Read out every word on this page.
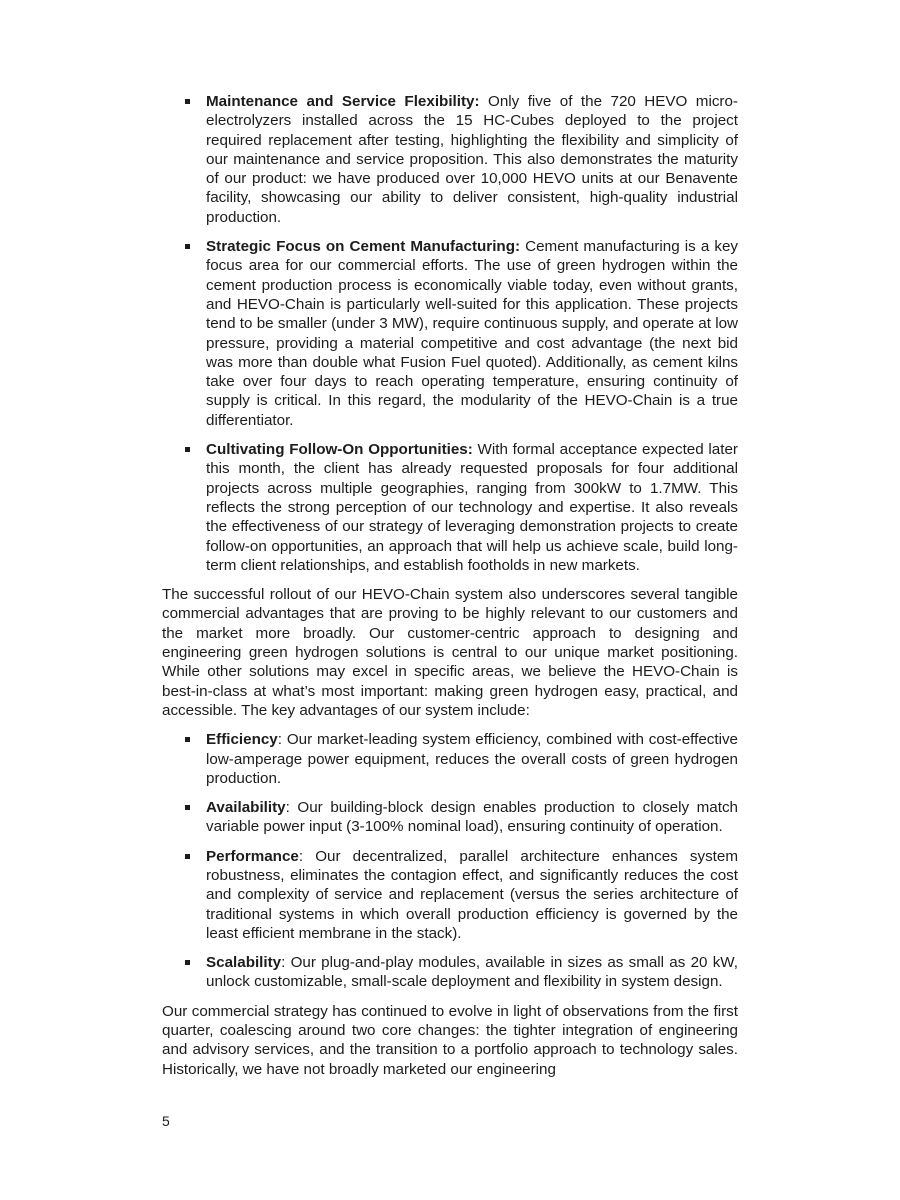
Maintenance and Service Flexibility: Only five of the 720 HEVO micro-electrolyzers installed across the 15 HC-Cubes deployed to the project required replacement after testing, highlighting the flexibility and simplicity of our maintenance and service proposition. This also demonstrates the maturity of our product: we have produced over 10,000 HEVO units at our Benavente facility, showcasing our ability to deliver consistent, high-quality industrial production.
Strategic Focus on Cement Manufacturing: Cement manufacturing is a key focus area for our commercial efforts. The use of green hydrogen within the cement production process is economically viable today, even without grants, and HEVO-Chain is particularly well-suited for this application. These projects tend to be smaller (under 3 MW), require continuous supply, and operate at low pressure, providing a material competitive and cost advantage (the next bid was more than double what Fusion Fuel quoted). Additionally, as cement kilns take over four days to reach operating temperature, ensuring continuity of supply is critical. In this regard, the modularity of the HEVO-Chain is a true differentiator.
Cultivating Follow-On Opportunities: With formal acceptance expected later this month, the client has already requested proposals for four additional projects across multiple geographies, ranging from 300kW to 1.7MW. This reflects the strong perception of our technology and expertise. It also reveals the effectiveness of our strategy of leveraging demonstration projects to create follow-on opportunities, an approach that will help us achieve scale, build long-term client relationships, and establish footholds in new markets.

The successful rollout of our HEVO-Chain system also underscores several tangible commercial advantages that are proving to be highly relevant to our customers and the market more broadly. Our customer-centric approach to designing and engineering green hydrogen solutions is central to our unique market positioning. While other solutions may excel in specific areas, we believe the HEVO-Chain is best-in-class at what’s most important: making green hydrogen easy, practical, and accessible. The key advantages of our system include:

Efficiency: Our market-leading system efficiency, combined with cost-effective low-amperage power equipment, reduces the overall costs of green hydrogen production.
Availability: Our building-block design enables production to closely match variable power input (3-100% nominal load), ensuring continuity of operation.
Performance: Our decentralized, parallel architecture enhances system robustness, eliminates the contagion effect, and significantly reduces the cost and complexity of service and replacement (versus the series architecture of traditional systems in which overall production efficiency is governed by the least efficient membrane in the stack).
Scalability: Our plug-and-play modules, available in sizes as small as 20 kW, unlock customizable, small-scale deployment and flexibility in system design.

Our commercial strategy has continued to evolve in light of observations from the first quarter, coalescing around two core changes: the tighter integration of engineering and advisory services, and the transition to a portfolio approach to technology sales. Historically, we have not broadly marketed our engineering

5
